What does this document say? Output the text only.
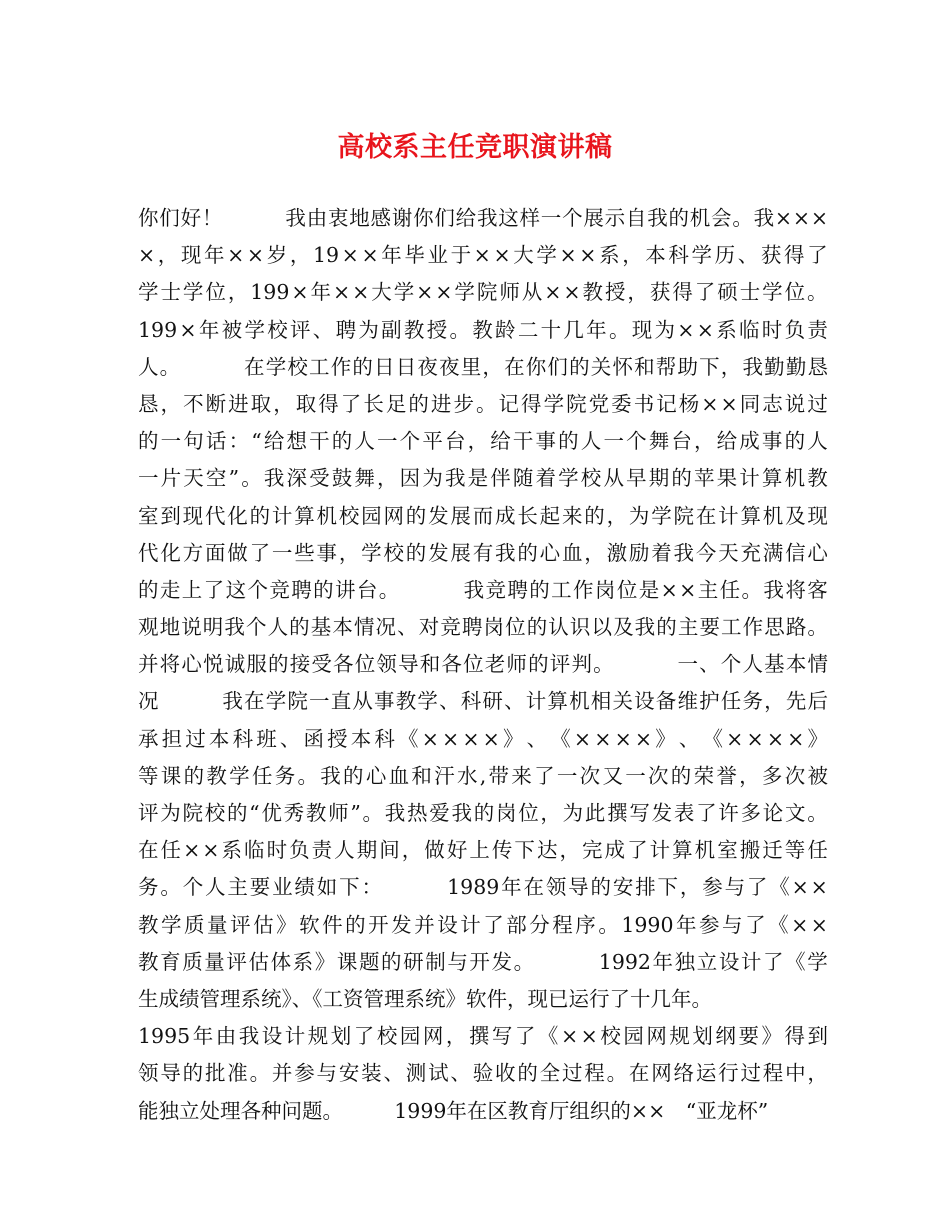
高校系主任竞职演讲稿
你 们 好 ！
　　　	我 由 衷 地 感 谢 你 们 给 我 这 样 一 个 展 示 自 我 的 机 会 。 我 × × ×
× ， 现 年 × × 岁 ， 19 × × 年 毕 业 于 × × 大 学 × × 系 ， 本 科 学 历 、 获 得 了
学 士 学 位 ， 199 × 年 × × 大 学 × × 学 院 师 从 × × 教 授 ， 获 得 了 硕 士 学 位 。
199 × 年 被 学 校 评 、 聘 为 副 教 授 。 教 龄 二 十 几 年 。 现 为 × × 系 临 时 负 责
人 。
　　　	在 学 校 工 作 的 日 日 夜 夜 里 ， 在 你 们 的 关 怀 和 帮 助 下 ， 我 勤 勤 恳
恳 ， 不 断 进 取 ， 取 得 了 长 足 的 进 步 。 记 得 学 院 党 委 书 记 杨 × × 同 志 说 过
的 一 句 话 ： “ 给 想 干 的 人 一 个 平 台 ， 给 干 事 的 人 一 个 舞 台 ， 给 成 事 的 人
一 片 天 空 ” 。 我 深 受 鼓 舞 ， 因 为 我 是 伴 随 着 学 校 从 早 期 的 苹 果 计 算 机 教
室 到 现 代 化 的 计 算 机 校 园 网 的 发 展 而 成 长 起 来 的 ， 为 学 院 在 计 算 机 及 现
代 化 方 面 做 了 一 些 事 ， 学 校 的 发 展 有 我 的 心 血 ， 激 励 着 我 今 天 充 满 信 心
的 走 上 了 这 个 竞 聘 的 讲 台 。
　　　	我 竞 聘 的 工 作 岗 位 是 × × 主 任 。 我 将 客
观 地 说 明 我 个 人 的 基 本 情 况 、 对 竞 聘 岗 位 的 认 识 以 及 我 的 主 要 工 作 思 路 。
并 将 心 悦 诚 服 的 接 受 各 位 领 导 和 各 位 老 师 的 评 判 。
　　　	一 、 个 人 基 本 情
况
　　　	我 在 学 院 一 直 从 事 教 学 、 科 研 、 计 算 机 相 关 设 备 维 护 任 务 ， 先 后
承 担 过 本 科 班 、 函 授 本 科 《 × × × × 》 、 《 × × × × 》 、 《 × × × × 》
等 课 的 教 学 任 务 。 我 的 心 血 和 汗 水 , 带 来 了 一 次 又 一 次 的 荣 誉 ， 多 次 被
评 为 院 校 的 “ 优 秀 教 师 ” 。 我 热 爱 我 的 岗 位 ， 为 此 撰 写 发 表 了 许 多 论 文 。
在 任 × × 系 临 时 负 责 人 期 间 ， 做 好 上 传 下 达 ， 完 成 了 计 算 机 室 搬 迁 等 任
务 。 个 人 主 要 业 绩 如 下 ：
　　　	1989 年 在 领 导 的 安 排 下 ， 参 与 了 《 × ×
教 学 质 量 评 估 》 软 件 的 开 发 并 设 计 了 部 分 程 序 。 1990 年 参 与 了 《 × ×
教 育 质 量 评 估 体 系 》 课 题 的 研 制 与 开 发 。
　　　	1992 年 独 立 设 计 了 《 学
生成绩管理系统》、《工资管理系统》软件，现已运行了十几年。
1995 年 由 我 设 计 规 划 了 校 园 网 ， 撰 写 了 《 × × 校 园 网 规 划 纲 要 》 得 到
领 导 的 批 准 。 并 参 与 安 装 、 测 试 、 验 收 的 全 过 程 。 在 网 络 运 行 过 程 中 ，
能独立处理各种问题。　　　1999年在区教育厅组织的××　“亚龙杯”
